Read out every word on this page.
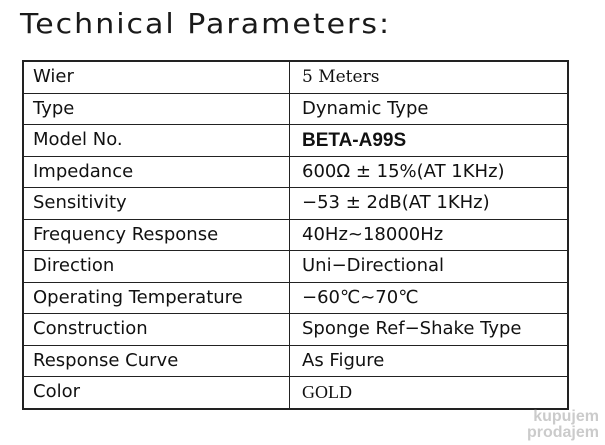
Technical Parameters:
Wier	5 Meters
Type	Dynamic Type
Model No.	BETA-A99S
Impedance	600Ω ± 15%(AT 1KHz)
Sensitivity	−53 ± 2dB(AT 1KHz)
Frequency Response	40Hz~18000Hz
Direction	Uni−Directional
Operating Temperature	−60℃~70℃
Construction	Sponge Ref−Shake Type
Response Curve	As Figure
Color	GOLD
kupujem
prodajem
